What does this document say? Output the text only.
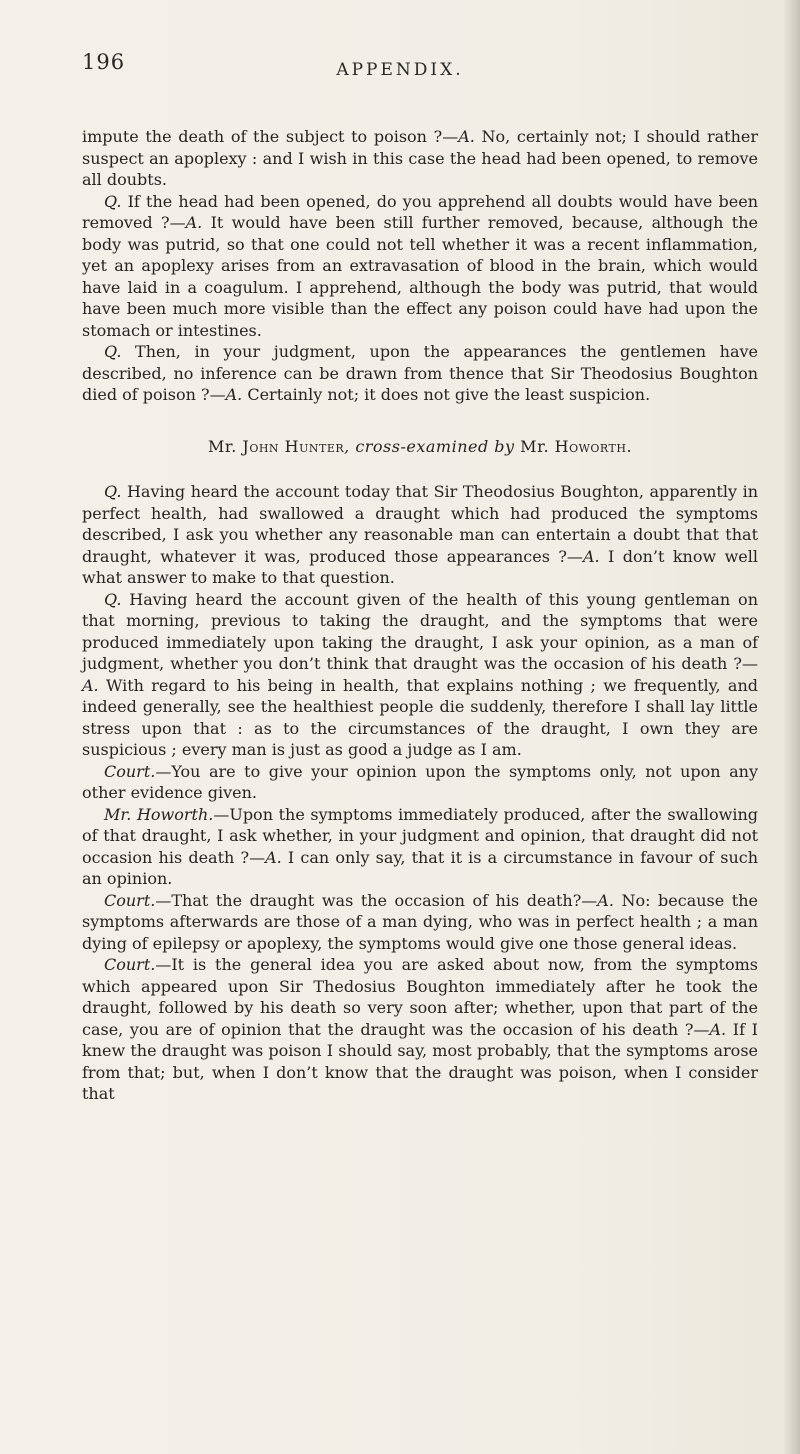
196	APPENDIX.

impute the death of the subject to poison ?—A. No, certainly not; I should rather suspect an apoplexy : and I wish in this case the head had been opened, to remove all doubts.

Q. If the head had been opened, do you apprehend all doubts would have been removed ?—A. It would have been still further removed, because, although the body was putrid, so that one could not tell whether it was a recent inflammation, yet an apoplexy arises from an extravasation of blood in the brain, which would have laid in a coagulum. I apprehend, although the body was putrid, that would have been much more visible than the effect any poison could have had upon the stomach or intestines.

Q. Then, in your judgment, upon the appearances the gentlemen have described, no inference can be drawn from thence that Sir Theodosius Boughton died of poison ?—A. Certainly not; it does not give the least suspicion.

Mr. John Hunter, cross-examined by Mr. Howorth.

Q. Having heard the account today that Sir Theodosius Boughton, apparently in perfect health, had swallowed a draught which had produced the symptoms described, I ask you whether any reasonable man can entertain a doubt that that draught, whatever it was, produced those appearances ?—A. I don’t know well what answer to make to that question.

Q. Having heard the account given of the health of this young gentleman on that morning, previous to taking the draught, and the symptoms that were produced immediately upon taking the draught, I ask your opinion, as a man of judgment, whether you don’t think that draught was the occasion of his death ?—A. With regard to his being in health, that explains nothing ; we frequently, and indeed generally, see the healthiest people die suddenly, therefore I shall lay little stress upon that : as to the circumstances of the draught, I own they are suspicious ; every man is just as good a judge as I am.

Court.—You are to give your opinion upon the symptoms only, not upon any other evidence given.

Mr. Howorth.—Upon the symptoms immediately produced, after the swallowing of that draught, I ask whether, in your judgment and opinion, that draught did not occasion his death ?—A. I can only say, that it is a circumstance in favour of such an opinion.

Court.—That the draught was the occasion of his death?—A. No: because the symptoms afterwards are those of a man dying, who was in perfect health ; a man dying of epilepsy or apoplexy, the symptoms would give one those general ideas.

Court.—It is the general idea you are asked about now, from the symptoms which appeared upon Sir Thedosius Boughton immediately after he took the draught, followed by his death so very soon after; whether, upon that part of the case, you are of opinion that the draught was the occasion of his death ?—A. If I knew the draught was poison I should say, most probably, that the symptoms arose from that; but, when I don’t know that the draught was poison, when I consider that
